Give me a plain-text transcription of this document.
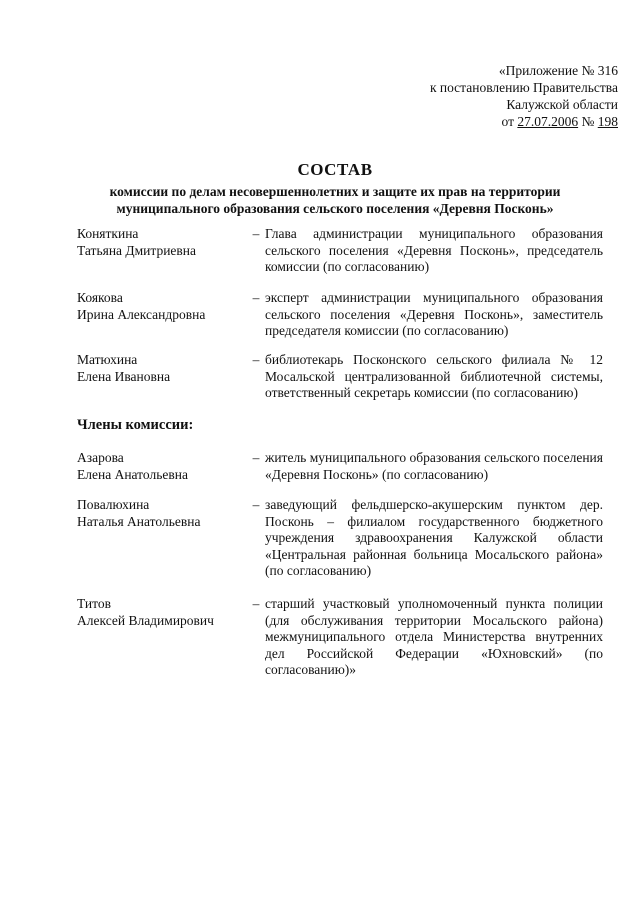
«Приложение № 316
к постановлению Правительства
Калужской области
от 27.07.2006 № 198
СОСТАВ
комиссии по делам несовершеннолетних и защите их прав на территории муниципального образования сельского поселения «Деревня Посконь»
Коняткина
Татьяна Дмитриевна
– Глава администрации муниципального образования сельского поселения «Деревня Посконь», председатель комиссии (по согласованию)
Коякова
Ирина Александровна
– эксперт администрации муниципального образования сельского поселения «Деревня Посконь», заместитель председателя комиссии (по согласованию)
Матюхина
Елена Ивановна
– библиотекарь Посконского сельского филиала № 12 Мосальской централизованной библиотечной системы, ответственный секретарь комиссии (по согласованию)
Члены комиссии:
Азарова
Елена Анатольевна
– житель муниципального образования сельского поселения «Деревня Посконь» (по согласованию)
Повалюхина
Наталья Анатольевна
– заведующий фельдшерско-акушерским пунктом дер. Посконь – филиалом государственного бюджетного учреждения здравоохранения Калужской области «Центральная районная больница Мосальского района» (по согласованию)
Титов
Алексей Владимирович
– старший участковый уполномоченный пункта полиции (для обслуживания территории Мосальского района) межмуниципального отдела Министерства внутренних дел Российской Федерации «Юхновский» (по согласованию)»
